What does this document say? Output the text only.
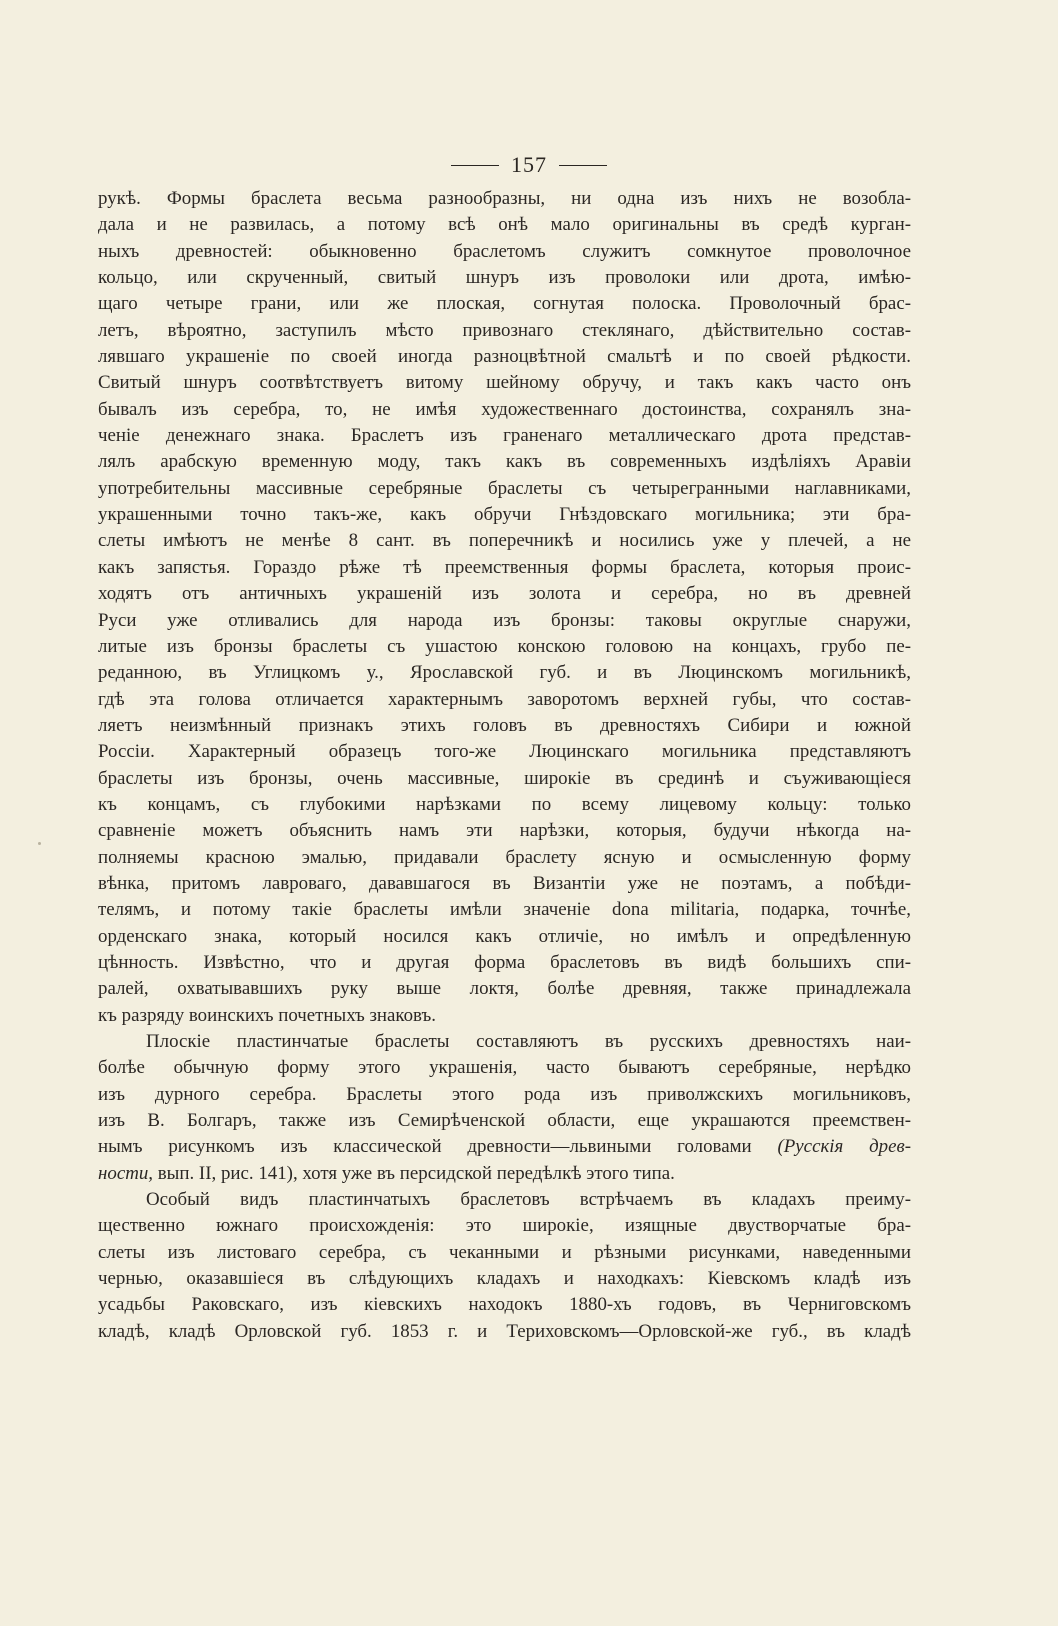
157
рукѣ. Формы браслета весьма разнообразны, ни одна изъ нихъ не возобла-
дала и не развилась, а потому всѣ онѣ мало оригинальны въ средѣ курган-
ныхъ древностей: обыкновенно браслетомъ служитъ сомкнутое проволочное
кольцо, или скрученный, свитый шнуръ изъ проволоки или дрота, имѣю-
щаго четыре грани, или же плоская, согнутая полоска. Проволочный брас-
летъ, вѣроятно, заступилъ мѣсто привознаго стеклянаго, дѣйствительно состав-
лявшаго украшеніе по своей иногда разноцвѣтной смальтѣ и по своей рѣдкости.
Свитый шнуръ соотвѣтствуетъ витому шейному обручу, и такъ какъ часто онъ
бывалъ изъ серебра, то, не имѣя художественнаго достоинства, сохранялъ зна-
ченіе денежнаго знака. Браслетъ изъ граненаго металлическаго дрота представ-
лялъ арабскую временную моду, такъ какъ въ современныхъ издѣліяхъ Аравіи
употребительны массивные серебряные браслеты съ четырегранными наглавниками,
украшенными точно такъ-же, какъ обручи Гнѣздовскаго могильника; эти бра-
слеты имѣютъ не менѣе 8 сант. въ поперечникѣ и носились уже у плечей, а не
какъ запястья. Гораздо рѣже тѣ преемственныя формы браслета, которыя проис-
ходятъ отъ античныхъ украшеній изъ золота и серебра, но въ древней
Руси уже отливались для народа изъ бронзы: таковы округлые снаружи,
литые изъ бронзы браслеты съ ушастою конскою головою на концахъ, грубо пе-
реданною, въ Углицкомъ у., Ярославской губ. и въ Люцинскомъ могильникѣ,
гдѣ эта голова отличается характернымъ заворотомъ верхней губы, что состав-
ляетъ неизмѣнный признакъ этихъ головъ въ древностяхъ Сибири и южной
Россіи. Характерный образецъ того-же Люцинскаго могильника представляютъ
браслеты изъ бронзы, очень массивные, широкіе въ срединѣ и съуживающіеся
къ концамъ, съ глубокими нарѣзками по всему лицевому кольцу: только
сравненіе можетъ объяснить намъ эти нарѣзки, которыя, будучи нѣкогда на-
полняемы красною эмалью, придавали браслету ясную и осмысленную форму
вѣнка, притомъ лавроваго, дававшагося въ Византіи уже не поэтамъ, а побѣди-
телямъ, и потому такіе браслеты имѣли значеніе dona militaria, подарка, точнѣе,
орденскаго знака, который носился какъ отличіе, но имѣлъ и опредѣленную
цѣнность. Извѣстно, что и другая форма браслетовъ въ видѣ большихъ спи-
ралей, охватывавшихъ руку выше локтя, болѣе древняя, также принадлежала
къ разряду воинскихъ почетныхъ знаковъ.
Плоскіе пластинчатые браслеты составляютъ въ русскихъ древностяхъ наи-
болѣе обычную форму этого украшенія, часто бываютъ серебряные, нерѣдко
изъ дурного серебра. Браслеты этого рода изъ приволжскихъ могильниковъ,
изъ В. Болгаръ, также изъ Семирѣченской области, еще украшаются преемствен-
нымъ рисункомъ изъ классической древности—львиными головами (Русскія древ-
ности, вып. II, рис. 141), хотя уже въ персидской передѣлкѣ этого типа.
Особый видъ пластинчатыхъ браслетовъ встрѣчаемъ въ кладахъ преиму-
щественно южнаго происхожденія: это широкіе, изящные двустворчатые бра-
слеты изъ листоваго серебра, съ чеканными и рѣзными рисунками, наведенными
чернью, оказавшіеся въ слѣдующихъ кладахъ и находкахъ: Кіевскомъ кладѣ изъ
усадьбы Раковскаго, изъ кіевскихъ находокъ 1880-хъ годовъ, въ Черниговскомъ
кладѣ, кладѣ Орловской губ. 1853 г. и Териховскомъ—Орловской-же губ., въ кладѣ
